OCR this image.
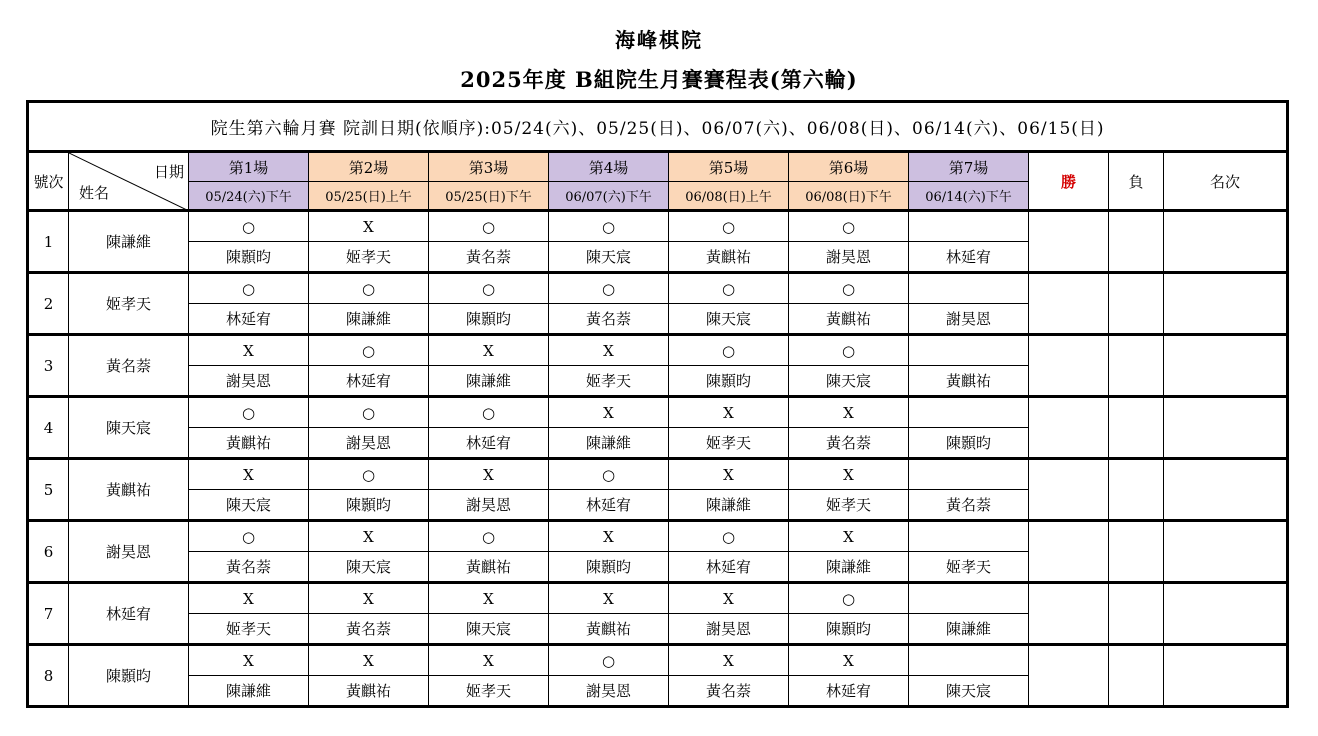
海峰棋院
2025年度 B組院生月賽賽程表(第六輪)
院生第六輪月賽 院訓日期(依順序):05/24(六)、05/25(日)、06/07(六)、06/08(日)、06/14(六)、06/15(日)											
號次	日期
姓名	第1場	第2場	第3場	第4場	第5場	第6場	第7場	勝	負	名次
		05/24(六)下午	05/25(日)上午	05/25(日)下午	06/07(六)下午	06/08(日)上午	06/08(日)下午	06/14(六)下午			
1	陳謙維	○	X	○	○	○	○				
		陳顥昀	姬孝天	黃名萘	陳天宸	黃麒祐	謝昊恩	林延宥			
2	姬孝天	○	○	○	○	○	○				
		林延宥	陳謙維	陳顥昀	黃名萘	陳天宸	黃麒祐	謝昊恩			
3	黃名萘	X	○	X	X	○	○				
		謝昊恩	林延宥	陳謙維	姬孝天	陳顥昀	陳天宸	黃麒祐			
4	陳天宸	○	○	○	X	X	X				
		黃麒祐	謝昊恩	林延宥	陳謙維	姬孝天	黃名萘	陳顥昀			
5	黃麒祐	X	○	X	○	X	X				
		陳天宸	陳顥昀	謝昊恩	林延宥	陳謙維	姬孝天	黃名萘			
6	謝昊恩	○	X	○	X	○	X				
		黃名萘	陳天宸	黃麒祐	陳顥昀	林延宥	陳謙維	姬孝天			
7	林延宥	X	X	X	X	X	○				
		姬孝天	黃名萘	陳天宸	黃麒祐	謝昊恩	陳顥昀	陳謙維			
8	陳顥昀	X	X	X	○	X	X				
		陳謙維	黃麒祐	姬孝天	謝昊恩	黃名萘	林延宥	陳天宸			
